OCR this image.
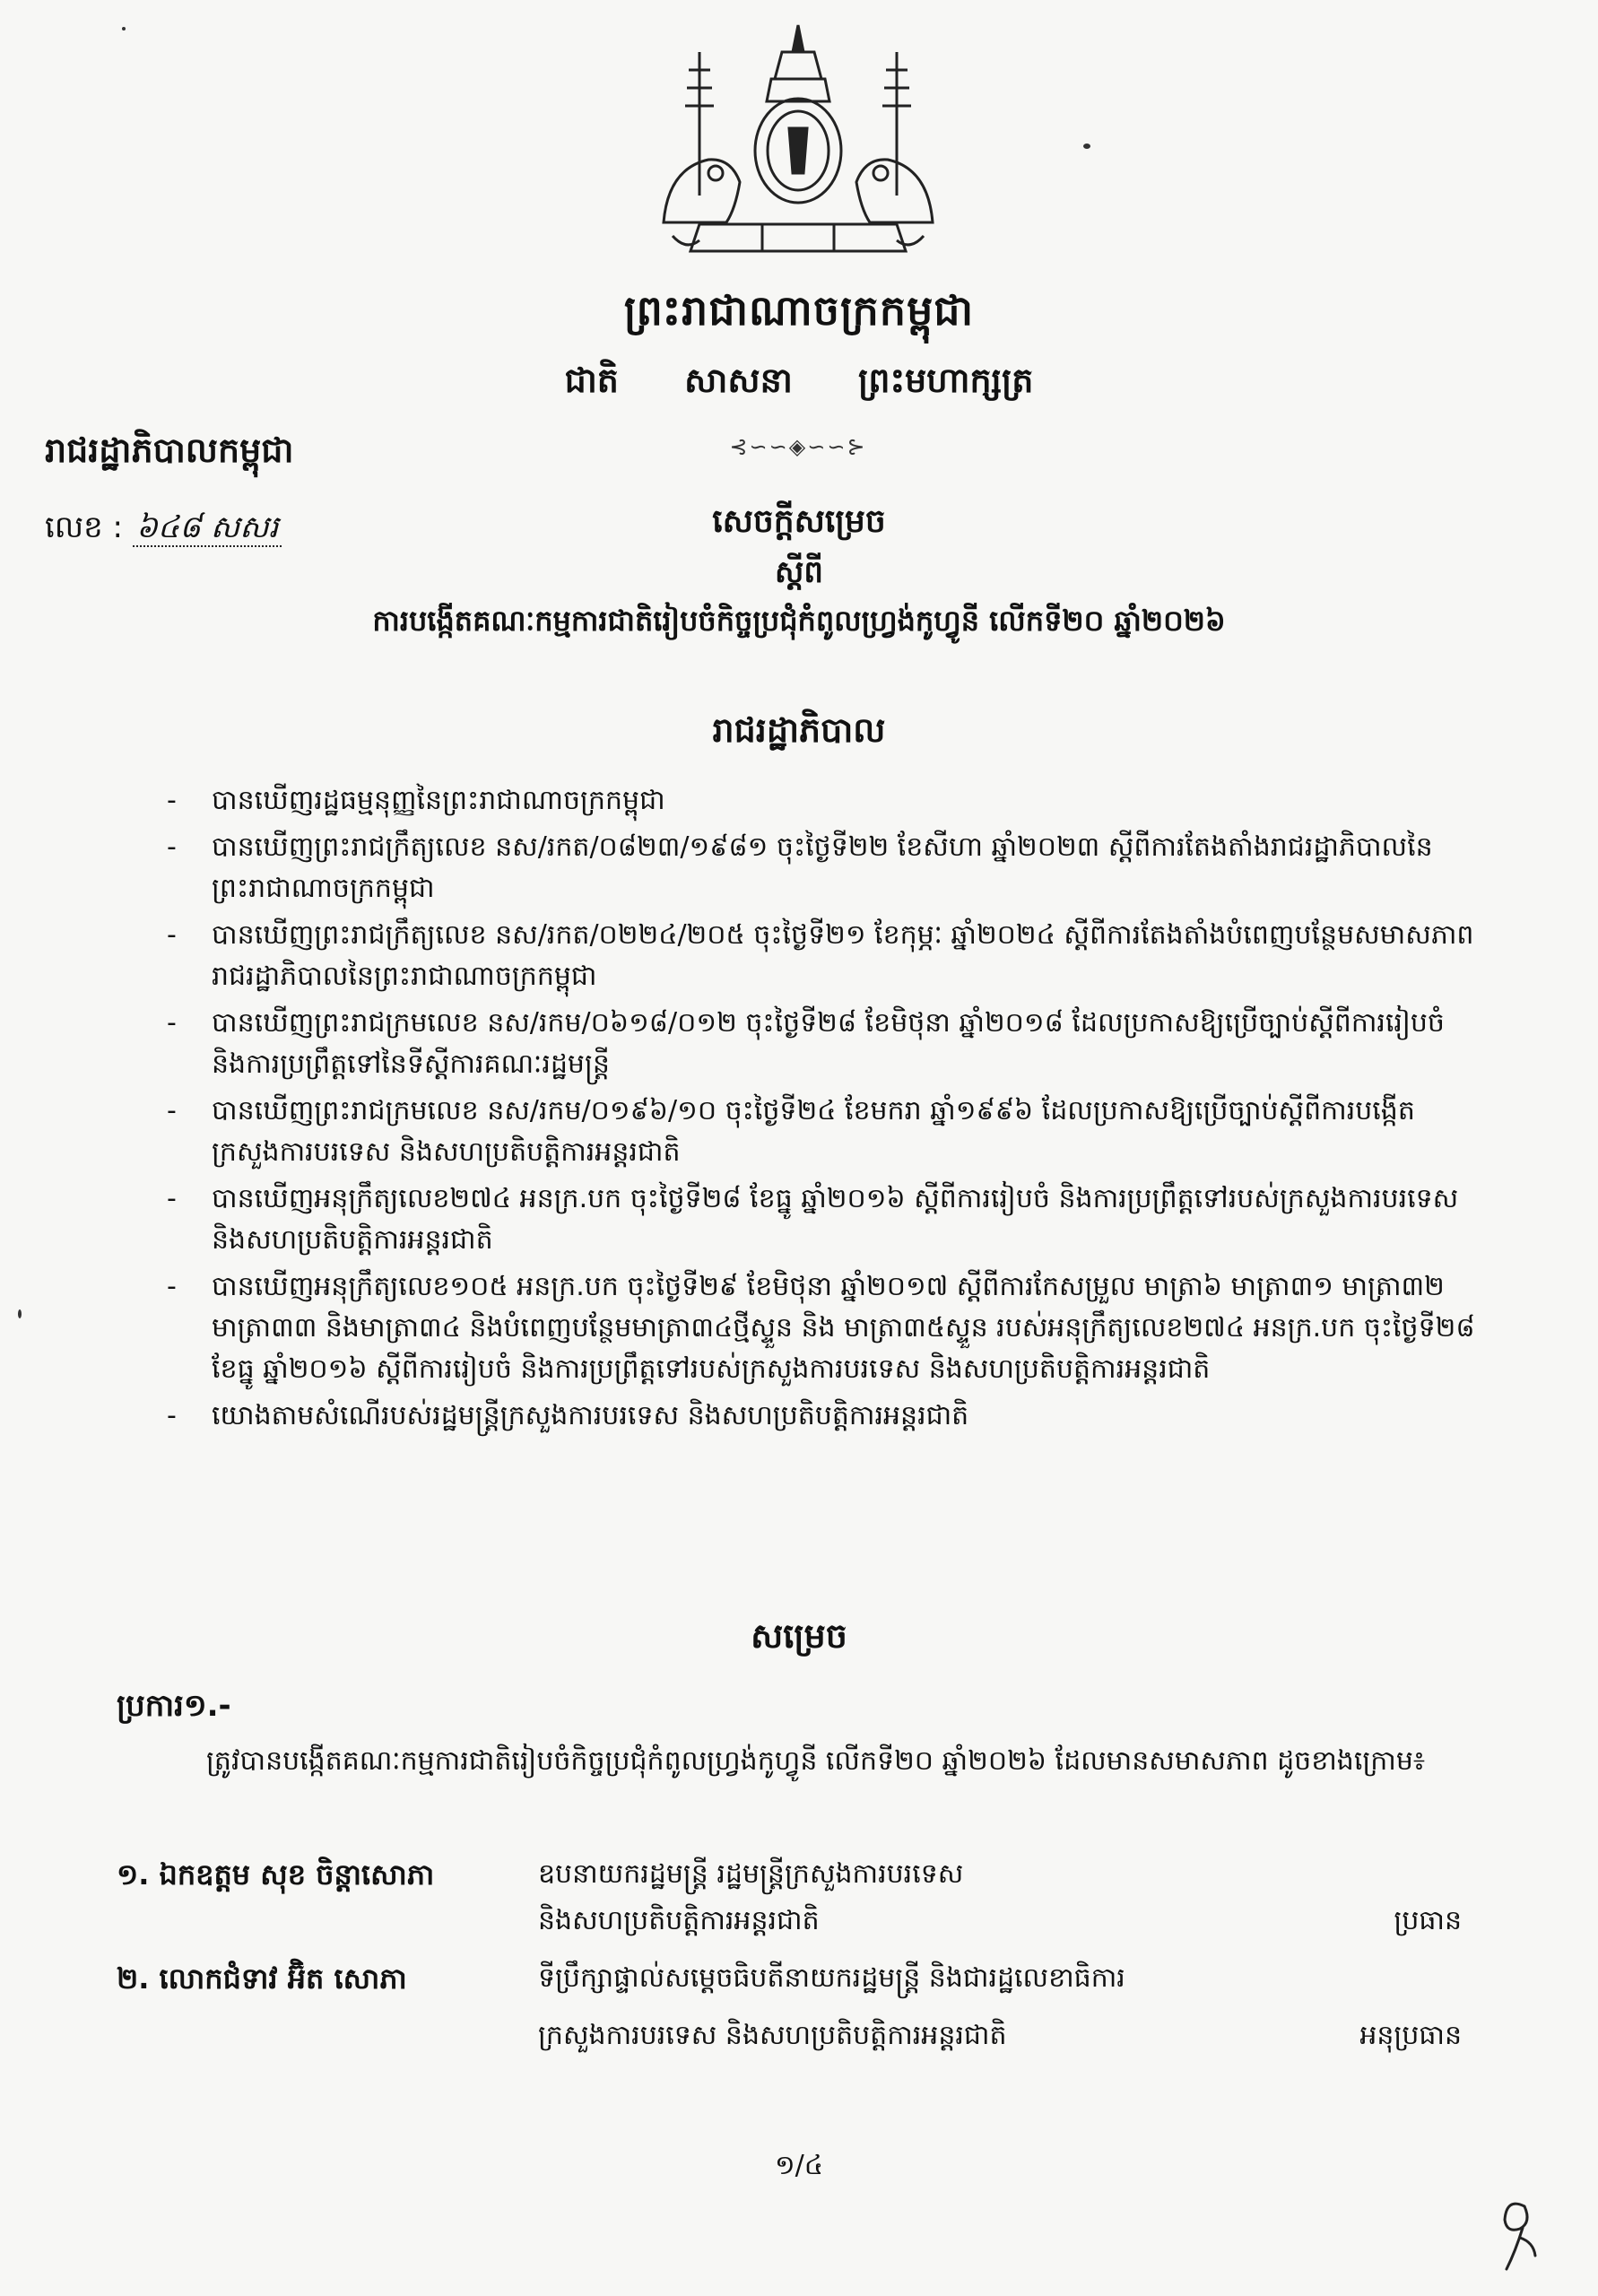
ព្រះរាជាណាចក្រកម្ពុជា
ជាតិ សាសនា ព្រះមហាក្សត្រ
⊰∽∽◈∽∽⊱
រាជរដ្ឋាភិបាលកម្ពុជា
លេខ : ៦៤៨ សសរ	សេចក្តីសម្រេច
ស្តីពី
ការបង្កើតគណៈកម្មការជាតិរៀបចំកិច្ចប្រជុំកំពូលហ្វ្រង់កូហ្វូនី លើកទី២០ ឆ្នាំ២០២៦
រាជរដ្ឋាភិបាល
- បានឃើញរដ្ឋធម្មនុញ្ញនៃព្រះរាជាណាចក្រកម្ពុជា
- បានឃើញព្រះរាជក្រឹត្យលេខ នស/រកត/០៨២៣/១៩៨១ ចុះថ្ងៃទី២២ ខែសីហា ឆ្នាំ២០២៣ ស្តីពីការតែងតាំងរាជរដ្ឋាភិបាលនៃព្រះរាជាណាចក្រកម្ពុជា
- បានឃើញព្រះរាជក្រឹត្យលេខ នស/រកត/០២២៤/២០៥ ចុះថ្ងៃទី២១ ខែកុម្ភៈ ឆ្នាំ២០២៤ ស្តីពីការតែងតាំងបំពេញបន្ថែមសមាសភាពរាជរដ្ឋាភិបាលនៃព្រះរាជាណាចក្រកម្ពុជា
- បានឃើញព្រះរាជក្រមលេខ នស/រកម/០៦១៨/០១២ ចុះថ្ងៃទី២៨ ខែមិថុនា ឆ្នាំ២០១៨ ដែលប្រកាសឱ្យប្រើច្បាប់ស្តីពីការរៀបចំ និងការប្រព្រឹត្តទៅនៃទីស្តីការគណៈរដ្ឋមន្ត្រី
- បានឃើញព្រះរាជក្រមលេខ នស/រកម/០១៩៦/១០ ចុះថ្ងៃទី២៤ ខែមករា ឆ្នាំ១៩៩៦ ដែលប្រកាសឱ្យប្រើច្បាប់ស្តីពីការបង្កើតក្រសួងការបរទេស និងសហប្រតិបត្តិការអន្តរជាតិ
- បានឃើញអនុក្រឹត្យលេខ២៧៤ អនក្រ.បក ចុះថ្ងៃទី២៨ ខែធ្នូ ឆ្នាំ២០១៦ ស្តីពីការរៀបចំ និងការប្រព្រឹត្តទៅរបស់ក្រសួងការបរទេស និងសហប្រតិបត្តិការអន្តរជាតិ
- បានឃើញអនុក្រឹត្យលេខ១០៥ អនក្រ.បក ចុះថ្ងៃទី២៩ ខែមិថុនា ឆ្នាំ២០១៧ ស្តីពីការកែសម្រួល មាត្រា៦ មាត្រា៣១ មាត្រា៣២ មាត្រា៣៣ និងមាត្រា៣៤ និងបំពេញបន្ថែមមាត្រា៣៤ថ្មីស្ទួន និង មាត្រា៣៥ស្ទួន របស់អនុក្រឹត្យលេខ២៧៤ អនក្រ.បក ចុះថ្ងៃទី២៨ ខែធ្នូ ឆ្នាំ២០១៦ ស្តីពីការរៀបចំ និងការប្រព្រឹត្តទៅរបស់ក្រសួងការបរទេស និងសហប្រតិបត្តិការអន្តរជាតិ
- យោងតាមសំណើរបស់រដ្ឋមន្ត្រីក្រសួងការបរទេស និងសហប្រតិបត្តិការអន្តរជាតិ
សម្រេច
ប្រការ១.-
ត្រូវបានបង្កើតគណៈកម្មការជាតិរៀបចំកិច្ចប្រជុំកំពូលហ្វ្រង់កូហ្វូនី លើកទី២០ ឆ្នាំ២០២៦ ដែលមានសមាសភាព ដូចខាងក្រោម៖
១. ឯកឧត្តម សុខ ចិន្តាសោភា	ឧបនាយករដ្ឋមន្ត្រី រដ្ឋមន្ត្រីក្រសួងការបរទេស
និងសហប្រតិបត្តិការអន្តរជាតិ	ប្រធាន
២. លោកជំទាវ អ៊ិត សោភា	ទីប្រឹក្សាផ្ទាល់សម្តេចធិបតីនាយករដ្ឋមន្ត្រី និងជារដ្ឋលេខាធិការ
ក្រសួងការបរទេស និងសហប្រតិបត្តិការអន្តរជាតិ	អនុប្រធាន
១/៤
